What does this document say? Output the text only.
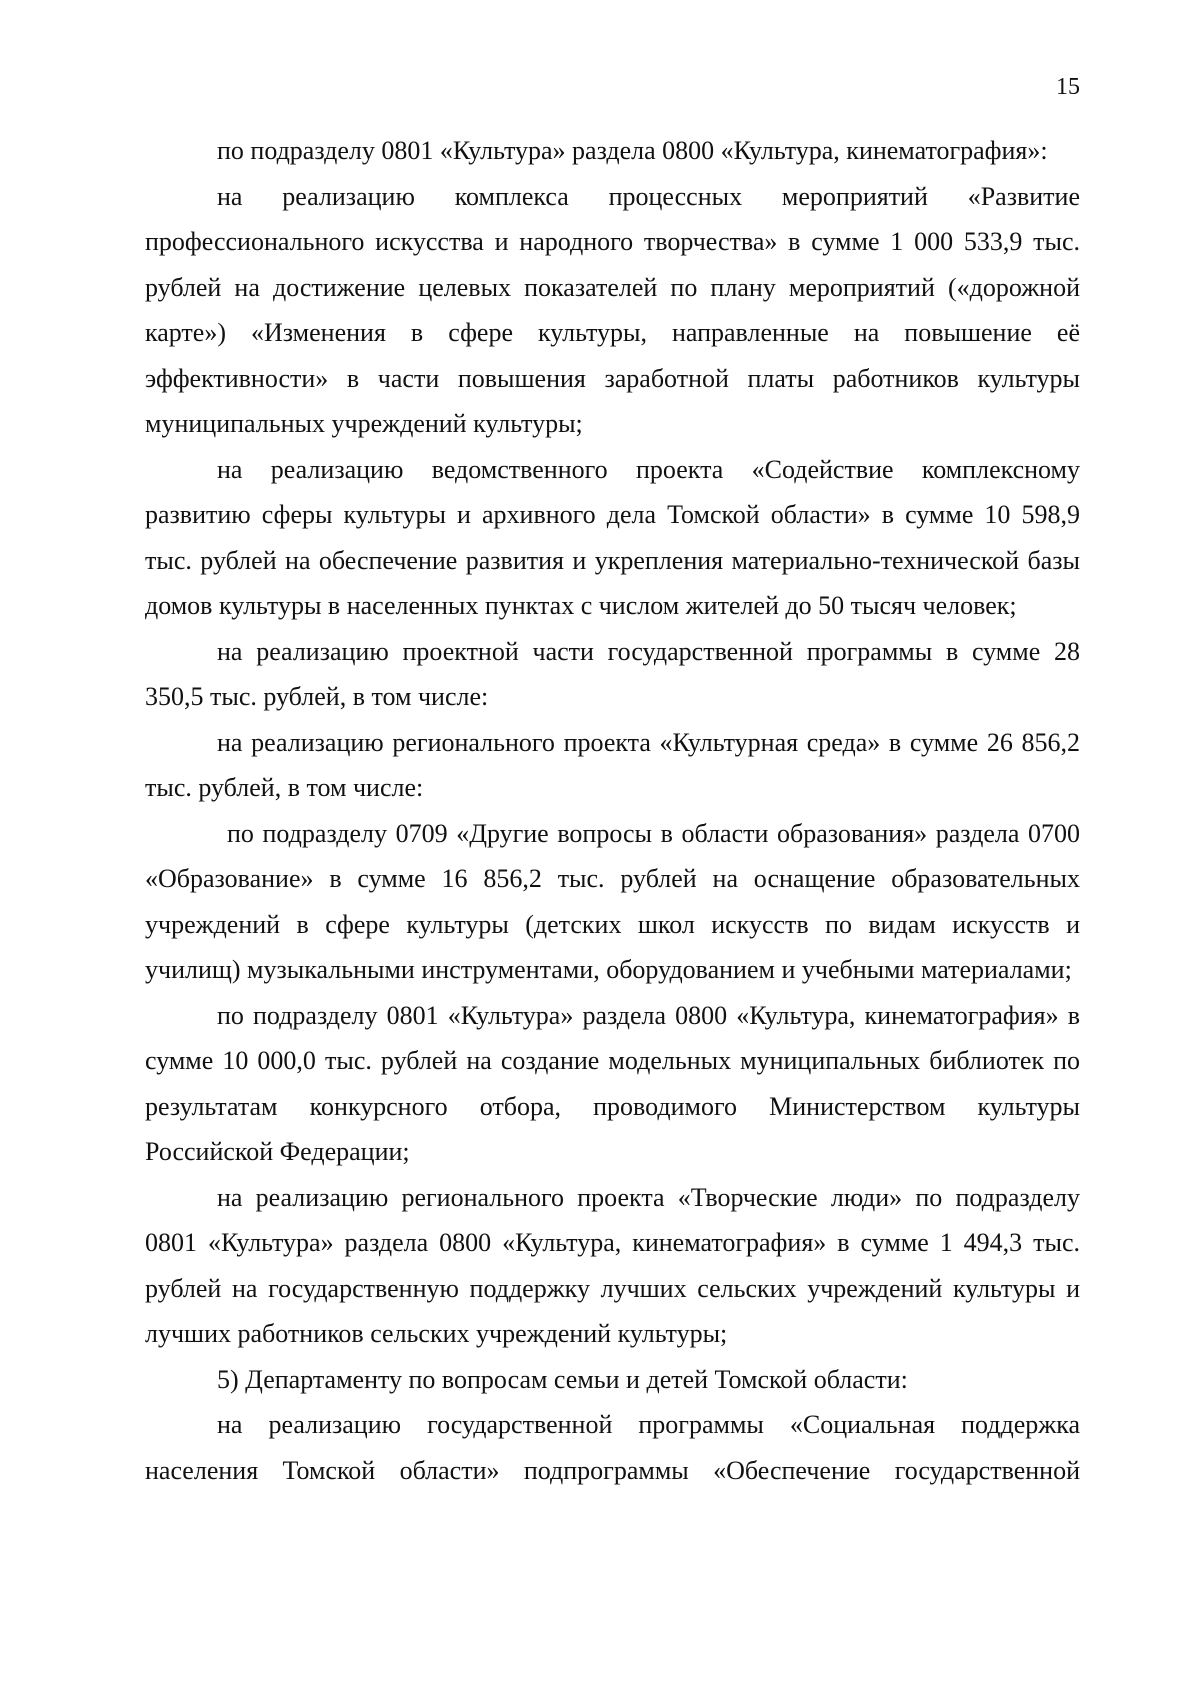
15

по подразделу 0801 «Культура» раздела 0800 «Культура, кинематография»:

на реализацию комплекса процессных мероприятий «Развитие профессионального искусства и народного творчества» в сумме 1 000 533,9 тыс. рублей на достижение целевых показателей по плану мероприятий («дорожной карте») «Изменения в сфере культуры, направленные на повышение её эффективности» в части повышения заработной платы работников культуры муниципальных учреждений культуры;

на реализацию ведомственного проекта «Содействие комплексному развитию сферы культуры и архивного дела Томской области» в сумме 10 598,9 тыс. рублей на обеспечение развития и укрепления материально-технической базы домов культуры в населенных пунктах с числом жителей до 50 тысяч человек;

на реализацию проектной части государственной программы в сумме 28 350,5 тыс. рублей, в том числе:

на реализацию регионального проекта «Культурная среда» в сумме 26 856,2 тыс. рублей, в том числе:

по подразделу 0709 «Другие вопросы в области образования» раздела 0700 «Образование» в сумме 16 856,2 тыс. рублей на оснащение образовательных учреждений в сфере культуры (детских школ искусств по видам искусств и училищ) музыкальными инструментами, оборудованием и учебными материалами;

по подразделу 0801 «Культура» раздела 0800 «Культура, кинематография» в сумме 10 000,0 тыс. рублей на создание модельных муниципальных библиотек по результатам конкурсного отбора, проводимого Министерством культуры Российской Федерации;

на реализацию регионального проекта «Творческие люди» по подразделу 0801 «Культура» раздела 0800 «Культура, кинематография» в сумме 1 494,3 тыс. рублей на государственную поддержку лучших сельских учреждений культуры и лучших работников сельских учреждений культуры;

5) Департаменту по вопросам семьи и детей Томской области:

на реализацию государственной программы «Социальная поддержка населения Томской области» подпрограммы «Обеспечение государственной
